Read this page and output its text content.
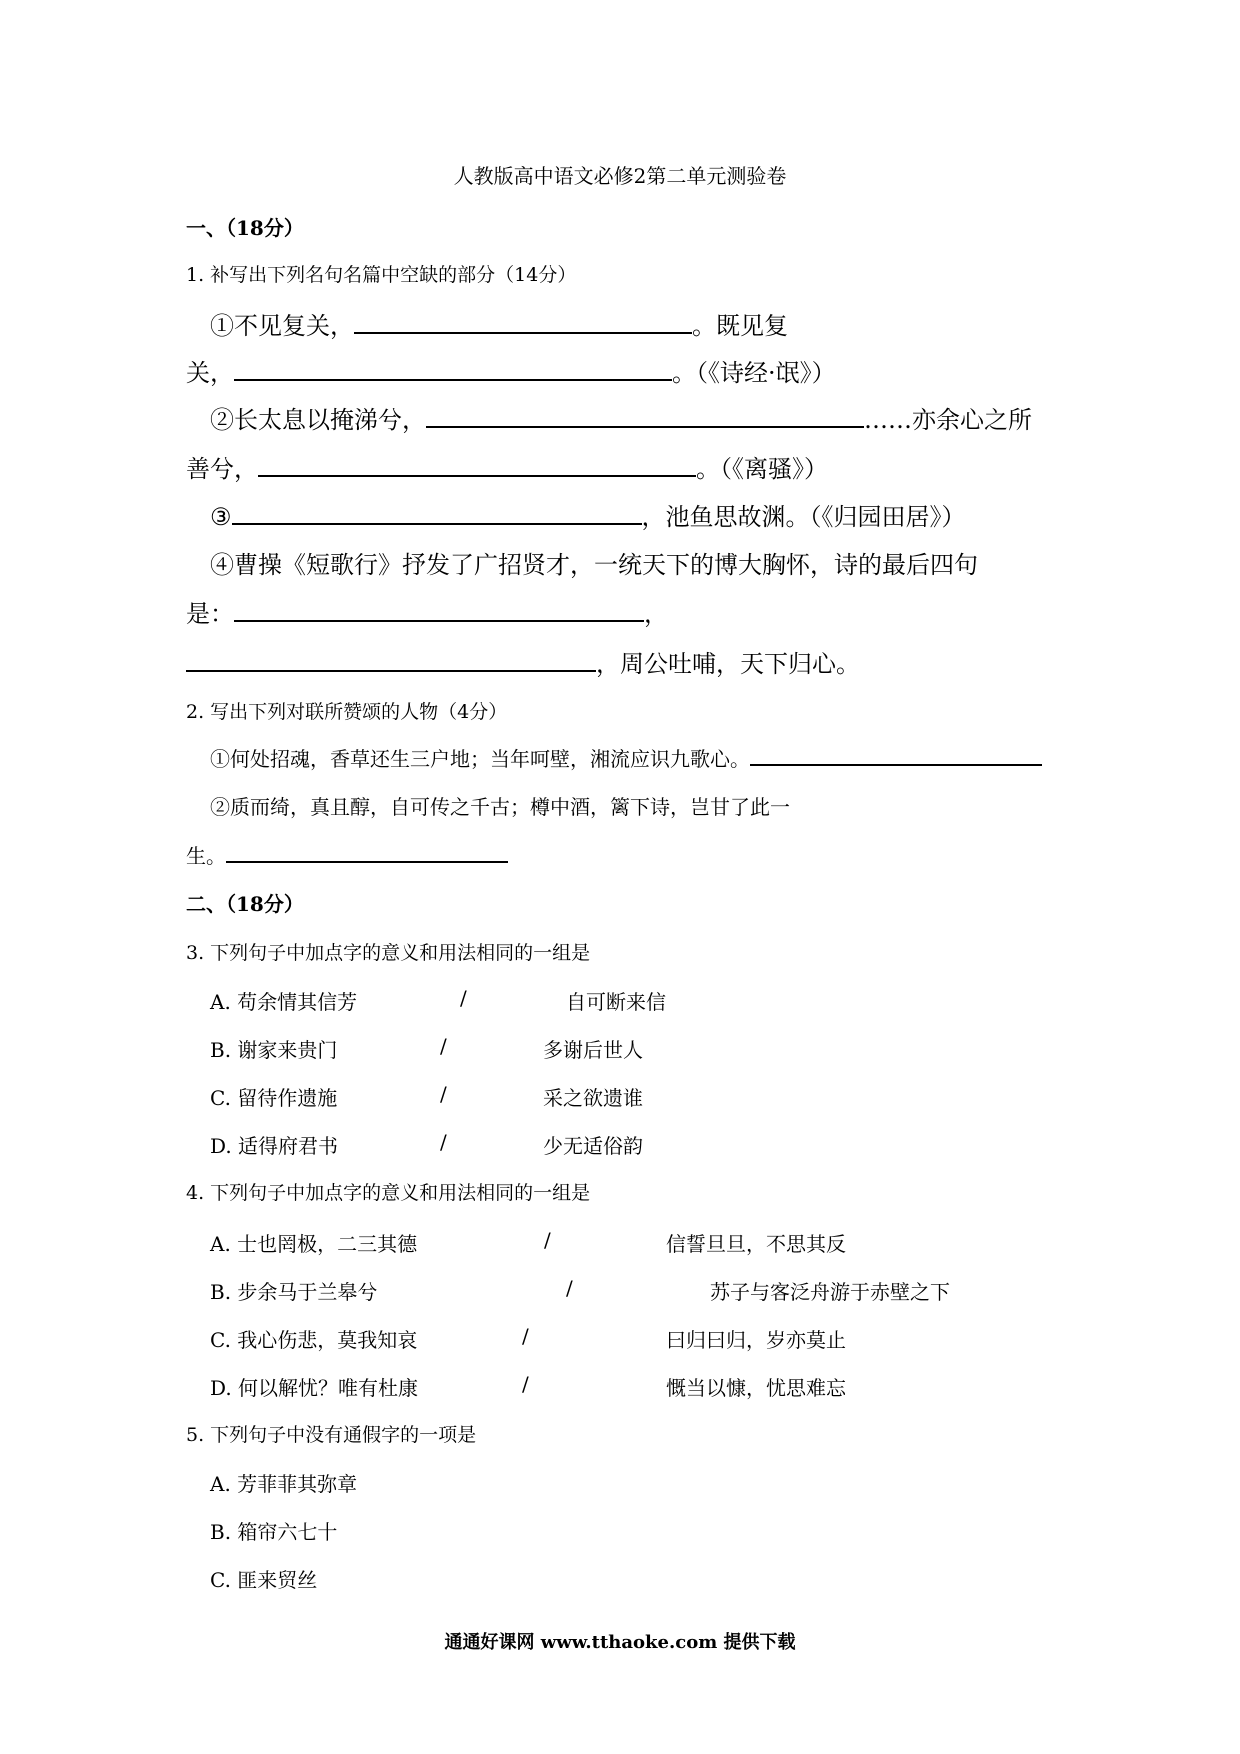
人教版高中语文必修2第二单元测验卷
一、（18分）
1. 补写出下列名句名篇中空缺的部分（14分）
①不见复关，	。既见复
关，	。（《诗经·氓》）
②长太息以掩涕兮，	……亦余心之所
善兮，	。（《离骚》）
③	，池鱼思故渊。（《归园田居》）
④曹操《短歌行》抒发了广招贤才，一统天下的博大胸怀，诗的最后四句
是：	，
，周公吐哺，天下归心。
2. 写出下列对联所赞颂的人物（4分）
①何处招魂，香草还生三户地；当年呵壁，湘流应识九歌心。
②质而绮，真且醇，自可传之千古；樽中酒，篱下诗，岂甘了此一
生。
二、（18分）
3. 下列句子中加点字的意义和用法相同的一组是
A. 苟余情其信芳	/	自可断来信
B. 谢家来贵门	/	多谢后世人
C. 留待作遗施	/	采之欲遗谁
D. 适得府君书	/	少无适俗韵
4. 下列句子中加点字的意义和用法相同的一组是
A. 士也罔极，二三其德	/	信誓旦旦，不思其反
B. 步余马于兰皋兮	/	苏子与客泛舟游于赤壁之下
C. 我心伤悲，莫我知哀	/	曰归曰归，岁亦莫止
D. 何以解忧？唯有杜康	/	慨当以慷，忧思难忘
5. 下列句子中没有通假字的一项是
A. 芳菲菲其弥章
B. 箱帘六七十
C. 匪来贸丝
通通好课网 www.tthaoke.com 提供下载
